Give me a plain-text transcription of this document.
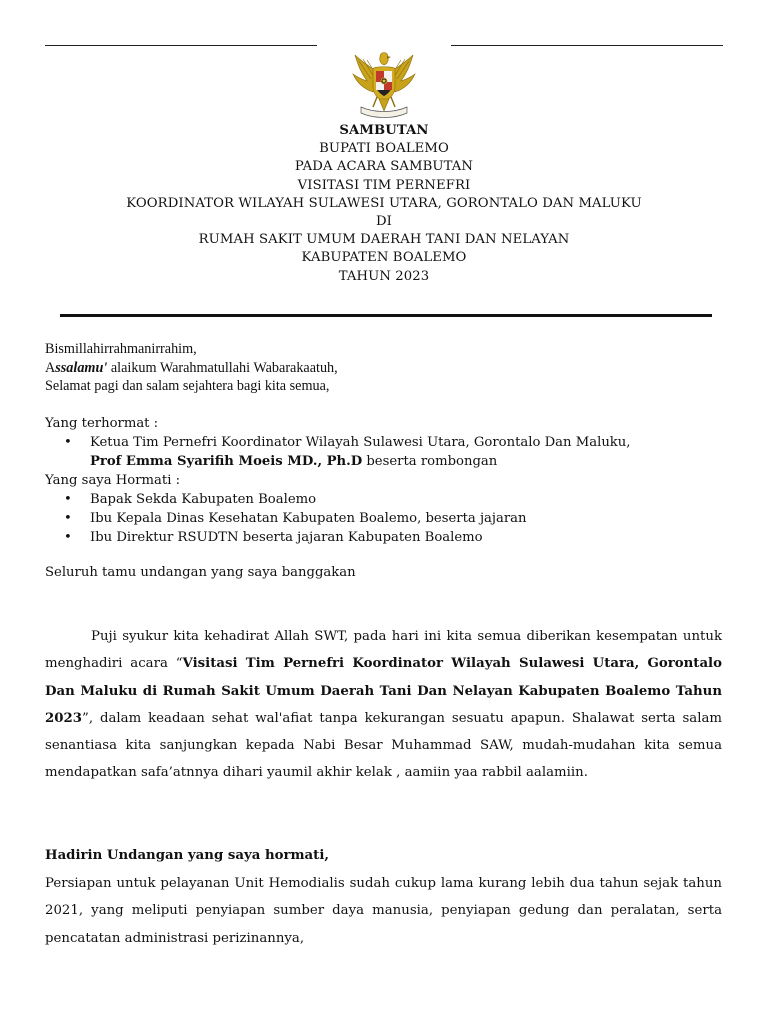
SAMBUTAN
BUPATI BOALEMO
PADA ACARA SAMBUTAN
VISITASI TIM PERNEFRI
KOORDINATOR WILAYAH SULAWESI UTARA, GORONTALO DAN MALUKU
DI
RUMAH SAKIT UMUM DAERAH TANI DAN NELAYAN
KABUPATEN BOALEMO
TAHUN 2023
Bismillahirrahmanirrahim,
Assalamu' alaikum Warahmatullahi Wabarakaatuh,
Selamat pagi dan salam sejahtera bagi kita semua,
Yang terhormat :
• Ketua Tim Pernefri Koordinator Wilayah Sulawesi Utara, Gorontalo Dan Maluku,
Prof Emma Syarifih Moeis MD., Ph.D beserta rombongan
Yang saya Hormati :
• Bapak Sekda Kabupaten Boalemo
• Ibu Kepala Dinas Kesehatan Kabupaten Boalemo, beserta jajaran
• Ibu Direktur RSUDTN beserta jajaran Kabupaten Boalemo
Seluruh tamu undangan yang saya banggakan
Puji syukur kita kehadirat Allah SWT, pada hari ini kita semua diberikan kesempatan untuk menghadiri acara “Visitasi Tim Pernefri Koordinator Wilayah Sulawesi Utara, Gorontalo Dan Maluku di Rumah Sakit Umum Daerah Tani Dan Nelayan Kabupaten Boalemo Tahun 2023”, dalam keadaan sehat wal'afiat tanpa kekurangan sesuatu apapun. Shalawat serta salam senantiasa kita sanjungkan kepada Nabi Besar Muhammad SAW, mudah-mudahan kita semua mendapatkan safa’atnnya dihari yaumil akhir kelak , aamiin yaa rabbil aalamiin.
Hadirin Undangan yang saya hormati,
Persiapan untuk pelayanan Unit Hemodialis sudah cukup lama kurang lebih dua tahun sejak tahun 2021, yang meliputi penyiapan sumber daya manusia, penyiapan gedung dan peralatan, serta pencatatan administrasi perizinannya,
